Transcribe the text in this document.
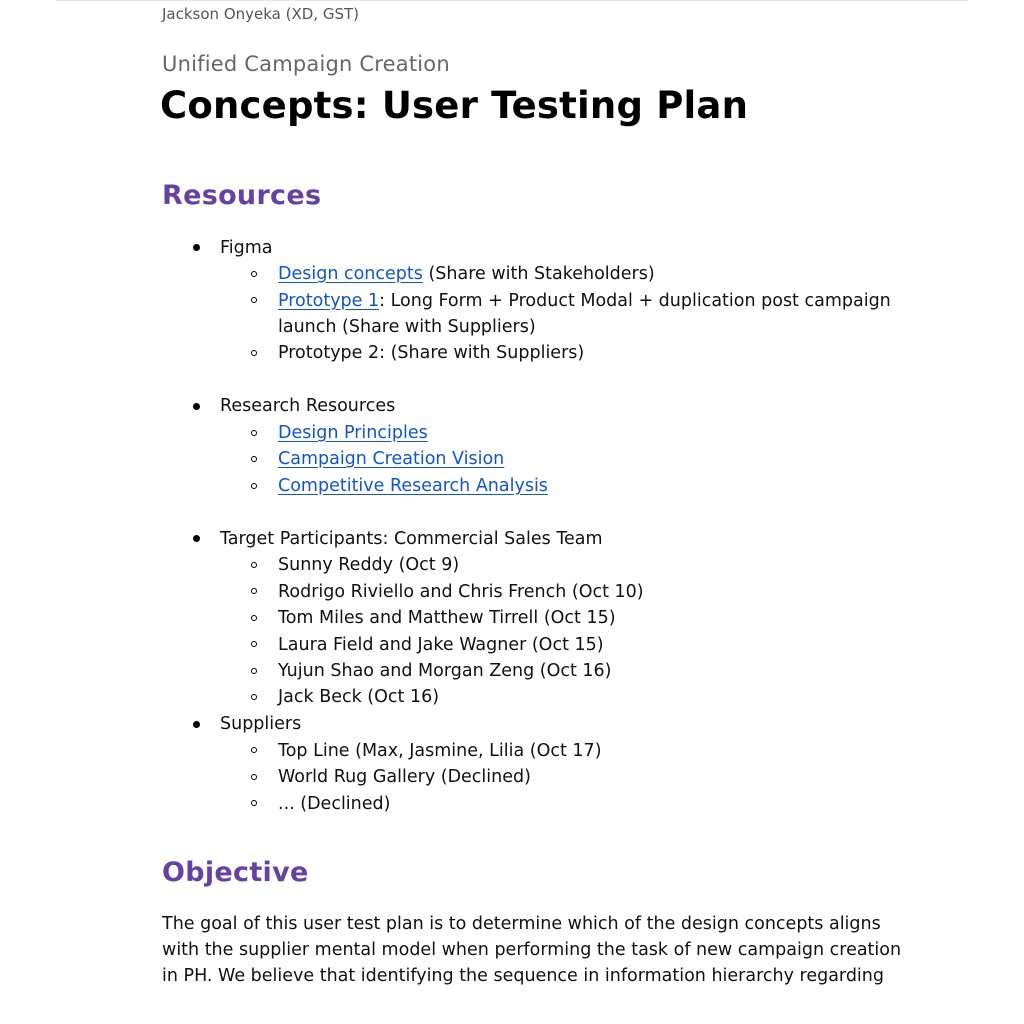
Jackson Onyeka (XD, GST)
Unified Campaign Creation
Concepts: User Testing Plan
Resources
Figma
Design concepts (Share with Stakeholders)
Prototype 1: Long Form + Product Modal + duplication post campaign
launch (Share with Suppliers)
Prototype 2: (Share with Suppliers)
Research Resources
Design Principles
Campaign Creation Vision
Competitive Research Analysis
Target Participants: Commercial Sales Team
Sunny Reddy (Oct 9)
Rodrigo Riviello and Chris French (Oct 10)
Tom Miles and Matthew Tirrell (Oct 15)
Laura Field and Jake Wagner (Oct 15)
Yujun Shao and Morgan Zeng (Oct 16)
Jack Beck (Oct 16)
Suppliers
Top Line (Max, Jasmine, Lilia (Oct 17)
World Rug Gallery (Declined)
... (Declined)
Objective
The goal of this user test plan is to determine which of the design concepts aligns
with the supplier mental model when performing the task of new campaign creation
in PH. We believe that identifying the sequence in information hierarchy regarding
